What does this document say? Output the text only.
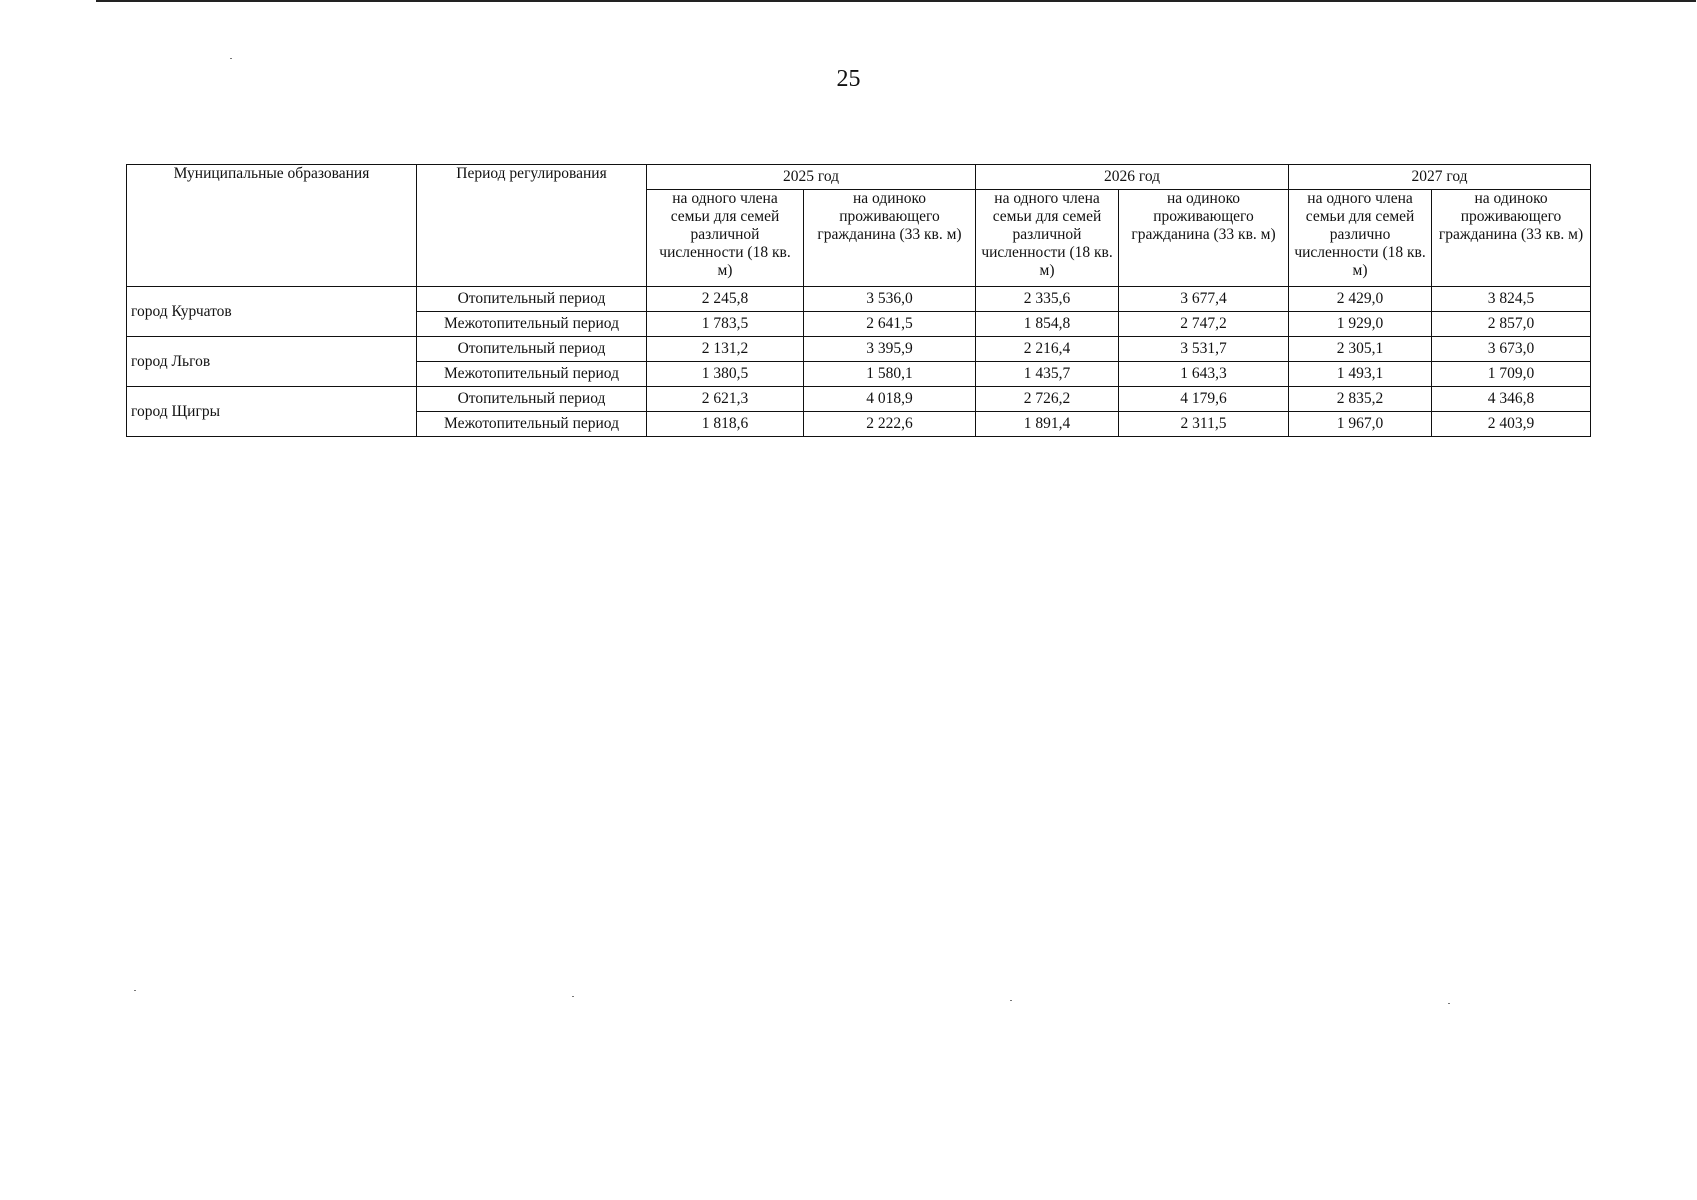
25
Муниципальные образования	Период регулирования	2025 год		2026 год		2027 год	
		на одного члена семьи для семей различной численности (18 кв. м)	на одиноко проживающего гражданина (33 кв. м)	на одного члена семьи для семей различной численности (18 кв. м)	на одиноко проживающего гражданина (33 кв. м)	на одного члена семьи для семей различно численности (18 кв. м)	на одиноко проживающего гражданина (33 кв. м)
город Курчатов	Отопительный период	2 245,8	3 536,0	2 335,6	3 677,4	2 429,0	3 824,5
	Межотопительный период	1 783,5	2 641,5	1 854,8	2 747,2	1 929,0	2 857,0
город Льгов	Отопительный период	2 131,2	3 395,9	2 216,4	3 531,7	2 305,1	3 673,0
	Межотопительный период	1 380,5	1 580,1	1 435,7	1 643,3	1 493,1	1 709,0
город Щигры	Отопительный период	2 621,3	4 018,9	2 726,2	4 179,6	2 835,2	4 346,8
	Межотопительный период	1 818,6	2 222,6	1 891,4	2 311,5	1 967,0	2 403,9
